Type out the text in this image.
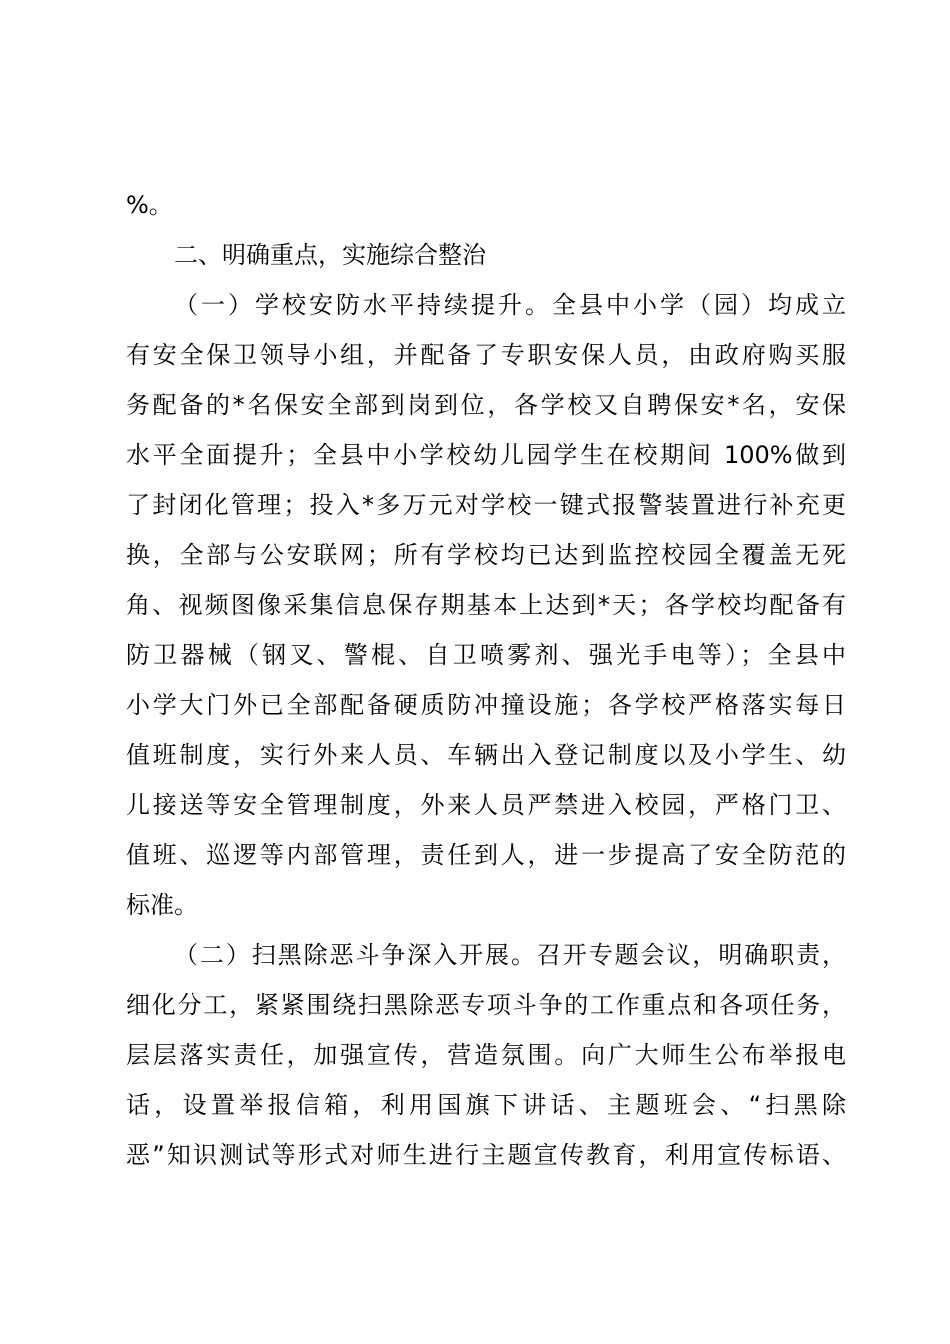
%。

二、明确重点，实施综合整治

（一）学校安防水平持续提升。全县中小学（园）均成立

有安全保卫领导小组，并配备了专职安保人员，由政府购买服

务配备的*名保安全部到岗到位，各学校又自聘保安*名，安保

水平全面提升；全县中小学校幼儿园学生在校期间 100%做到

了封闭化管理；投入*多万元对学校一键式报警装置进行补充更

换，全部与公安联网；所有学校均已达到监控校园全覆盖无死

角、视频图像采集信息保存期基本上达到*天；各学校均配备有

防卫器械（钢叉、警棍、自卫喷雾剂、强光手电等）；全县中

小学大门外已全部配备硬质防冲撞设施；各学校严格落实每日

值班制度，实行外来人员、车辆出入登记制度以及小学生、幼

儿接送等安全管理制度，外来人员严禁进入校园，严格门卫、

值班、巡逻等内部管理，责任到人，进一步提高了安全防范的

标准。

（二）扫黑除恶斗争深入开展。召开专题会议，明确职责，

细化分工，紧紧围绕扫黑除恶专项斗争的工作重点和各项任务，

层层落实责任，加强宣传，营造氛围。向广大师生公布举报电

话，设置举报信箱，利用国旗下讲话、主题班会、“扫黑除

恶”知识测试等形式对师生进行主题宣传教育，利用宣传标语、
